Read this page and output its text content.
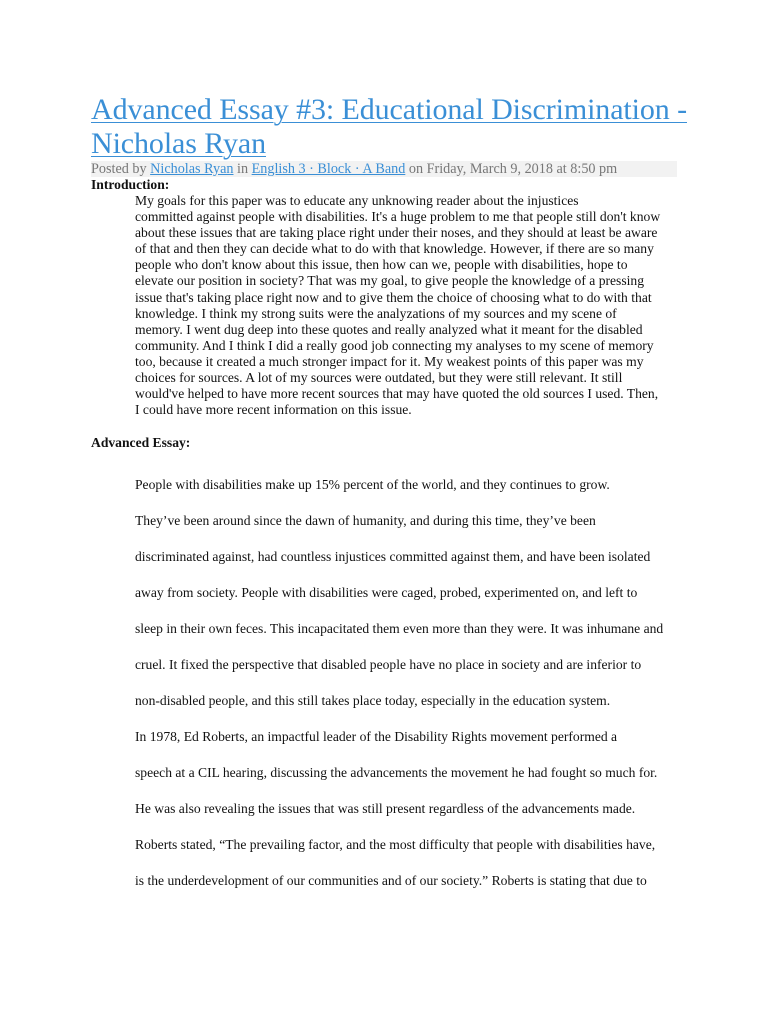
Advanced Essay #3: Educational Discrimination - Nicholas Ryan
Posted by Nicholas Ryan in English 3 · Block · A Band on Friday, March 9, 2018 at 8:50 pm
Introduction:

My goals for this paper was to educate any unknowing reader about the injustices
committed against people with disabilities. It's a huge problem to me that people still don't know
about these issues that are taking place right under their noses, and they should at least be aware
of that and then they can decide what to do with that knowledge. However, if there are so many
people who don't know about this issue, then how can we, people with disabilities, hope to
elevate our position in society? That was my goal, to give people the knowledge of a pressing
issue that's taking place right now and to give them the choice of choosing what to do with that
knowledge. I think my strong suits were the analyzations of my sources and my scene of
memory. I went dug deep into these quotes and really analyzed what it meant for the disabled
community. And I think I did a really good job connecting my analyses to my scene of memory
too, because it created a much stronger impact for it. My weakest points of this paper was my
choices for sources. A lot of my sources were outdated, but they were still relevant. It still
would've helped to have more recent sources that may have quoted the old sources I used. Then,
I could have more recent information on this issue.

Advanced Essay:

People with disabilities make up 15% percent of the world, and they continues to grow.
They’ve been around since the dawn of humanity, and during this time, they’ve been
discriminated against, had countless injustices committed against them, and have been isolated
away from society. People with disabilities were caged, probed, experimented on, and left to
sleep in their own feces. This incapacitated them even more than they were. It was inhumane and
cruel. It fixed the perspective that disabled people have no place in society and are inferior to
non-disabled people, and this still takes place today, especially in the education system.

In 1978, Ed Roberts, an impactful leader of the Disability Rights movement performed a
speech at a CIL hearing, discussing the advancements the movement he had fought so much for.
He was also revealing the issues that was still present regardless of the advancements made.
Roberts stated, “The prevailing factor, and the most difficulty that people with disabilities have,
is the underdevelopment of our communities and of our society.” Roberts is stating that due to
